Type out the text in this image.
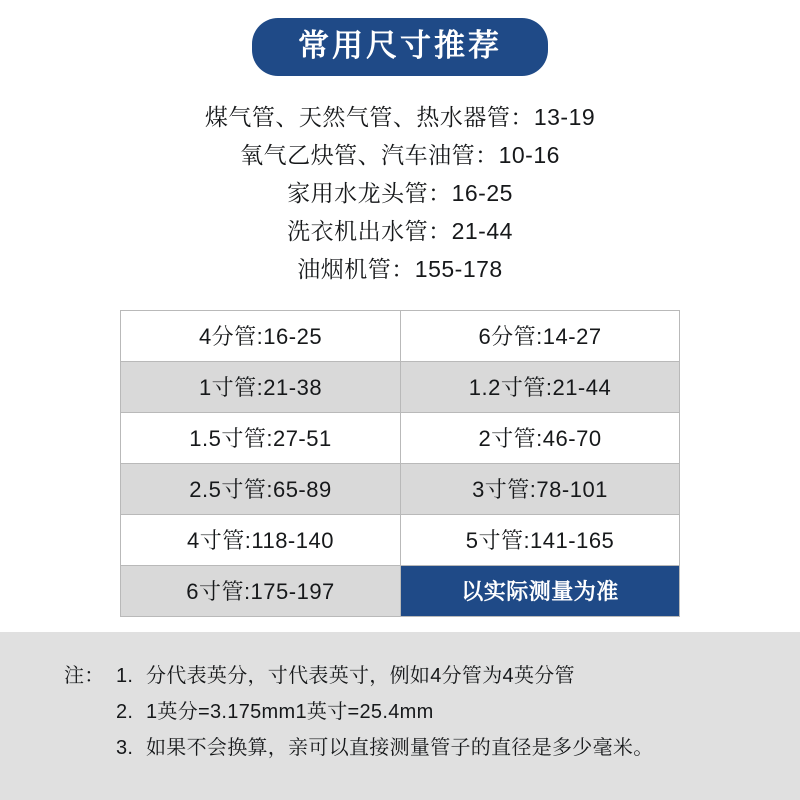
常用尺寸推荐
煤气管、天然气管、热水器管：13-19
氧气乙炔管、汽车油管：10-16
家用水龙头管：16-25
洗衣机出水管：21-44
油烟机管：155-178
4分管:16-25	6分管:14-27
1寸管:21-38	1.2寸管:21-44
1.5寸管:27-51	2寸管:46-70
2.5寸管:65-89	3寸管:78-101
4寸管:118-140	5寸管:141-165
6寸管:175-197	以实际测量为准
注： 1. 分代表英分，寸代表英寸，例如4分管为4英分管
2. 1英分=3.175mm 1英寸=25.4mm
3. 如果不会换算，亲可以直接测量管子的直径是多少毫米。
